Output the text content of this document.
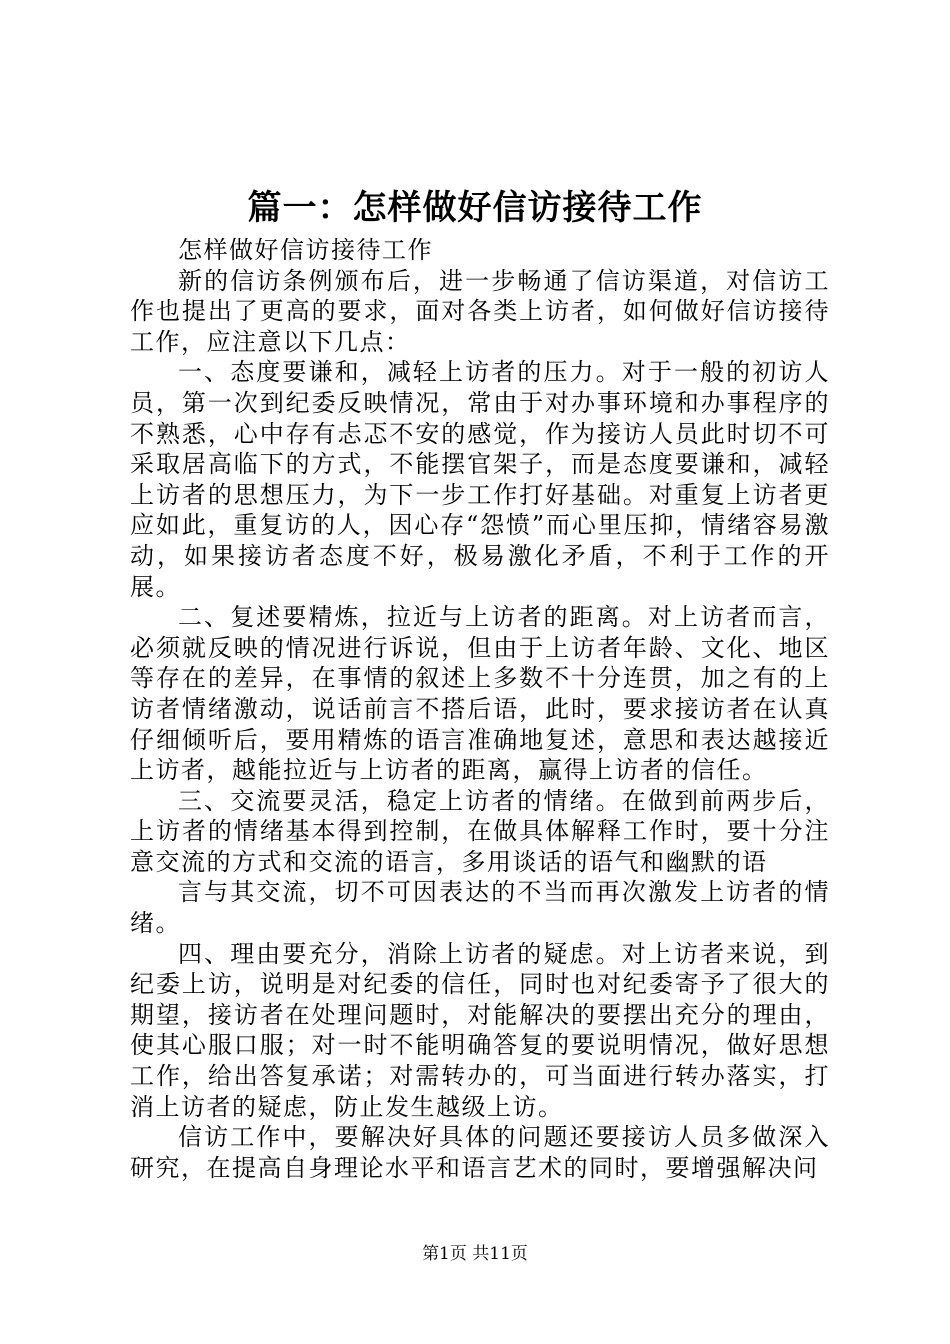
篇一：怎样做好信访接待工作

怎样做好信访接待工作

新的信访条例颁布后，进一步畅通了信访渠道，对信访工作也提出了更高的要求，面对各类上访者，如何做好信访接待工作，应注意以下几点：

一、态度要谦和，减轻上访者的压力。对于一般的初访人员，第一次到纪委反映情况，常由于对办事环境和办事程序的不熟悉，心中存有忐忑不安的感觉，作为接访人员此时切不可采取居高临下的方式，不能摆官架子，而是态度要谦和，减轻上访者的思想压力，为下一步工作打好基础。对重复上访者更应如此，重复访的人，因心存“怨愤”而心里压抑，情绪容易激动，如果接访者态度不好，极易激化矛盾，不利于工作的开展。

二、复述要精炼，拉近与上访者的距离。对上访者而言，必须就反映的情况进行诉说，但由于上访者年龄、文化、地区等存在的差异，在事情的叙述上多数不十分连贯，加之有的上访者情绪激动，说话前言不搭后语，此时，要求接访者在认真仔细倾听后，要用精炼的语言准确地复述，意思和表达越接近上访者，越能拉近与上访者的距离，赢得上访者的信任。

三、交流要灵活，稳定上访者的情绪。在做到前两步后，上访者的情绪基本得到控制，在做具体解释工作时，要十分注意交流的方式和交流的语言，多用谈话的语气和幽默的语

言与其交流，切不可因表达的不当而再次激发上访者的情绪。

四、理由要充分，消除上访者的疑虑。对上访者来说，到纪委上访，说明是对纪委的信任，同时也对纪委寄予了很大的期望，接访者在处理问题时，对能解决的要摆出充分的理由，使其心服口服；对一时不能明确答复的要说明情况，做好思想工作，给出答复承诺；对需转办的，可当面进行转办落实，打消上访者的疑虑，防止发生越级上访。

信访工作中，要解决好具体的问题还要接访人员多做深入研究，在提高自身理论水平和语言艺术的同时，要增强解决问

第1页 共11页
